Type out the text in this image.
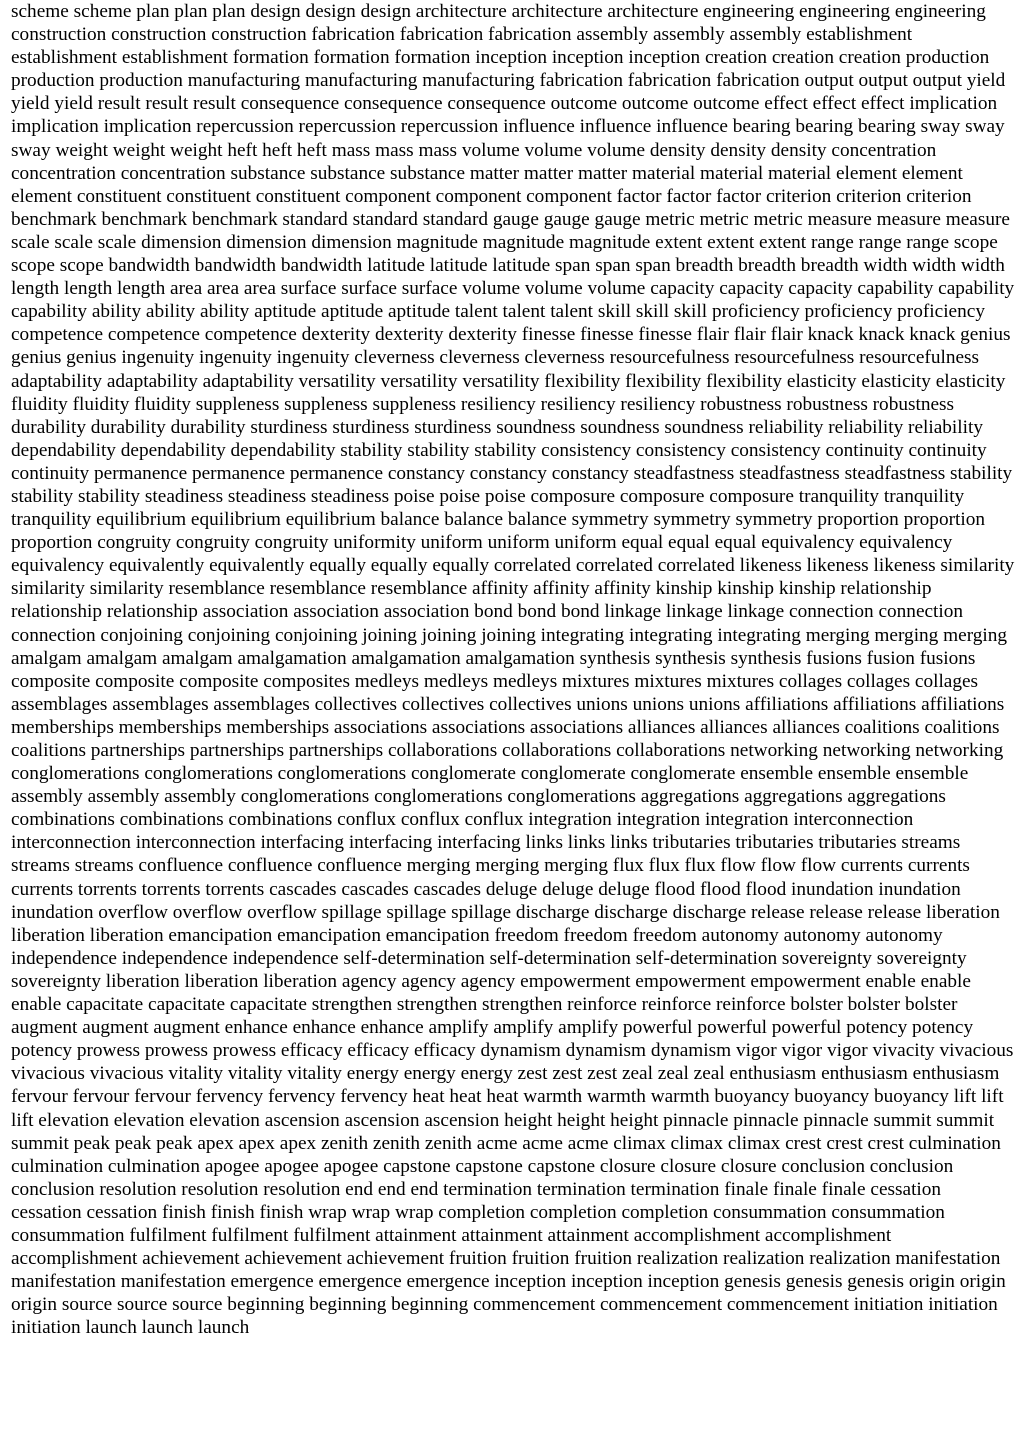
scheme scheme plan plan plan design design design architecture architecture architecture engineering engineering engineering construction construction construction fabrication fabrication fabrication assembly assembly assembly establishment establishment establishment formation formation formation inception inception inception creation creation creation production production production manufacturing manufacturing manufacturing fabrication fabrication fabrication output output output yield yield yield result result result consequence consequence consequence outcome outcome outcome effect effect effect implication implication implication repercussion repercussion repercussion influence influence influence bearing bearing bearing sway sway sway weight weight weight heft heft heft mass mass mass volume volume volume density density density concentration concentration concentration substance substance substance matter matter matter material material material element element element constituent constituent constituent component component component factor factor factor criterion criterion criterion benchmark benchmark benchmark standard standard standard gauge gauge gauge metric metric metric measure measure measure scale scale scale dimension dimension dimension magnitude magnitude magnitude extent extent extent range range range scope scope scope bandwidth bandwidth bandwidth latitude latitude latitude span span span breadth breadth breadth width width width length length length area area area surface surface surface volume volume volume capacity capacity capacity capability capability capability ability ability ability aptitude aptitude aptitude talent talent talent skill skill skill proficiency proficiency proficiency competence competence competence dexterity dexterity dexterity finesse finesse finesse flair flair flair knack knack knack genius genius genius ingenuity ingenuity ingenuity cleverness cleverness cleverness resourcefulness resourcefulness resourcefulness adaptability adaptability adaptability versatility versatility versatility flexibility flexibility flexibility elasticity elasticity elasticity fluidity fluidity fluidity suppleness suppleness suppleness resiliency resiliency resiliency robustness robustness robustness durability durability durability sturdiness sturdiness sturdiness soundness soundness soundness reliability reliability reliability dependability dependability dependability stability stability stability consistency consistency consistency continuity continuity continuity permanence permanence permanence constancy constancy constancy steadfastness steadfastness steadfastness stability stability stability steadiness steadiness steadiness poise poise poise composure composure composure tranquility tranquility tranquility equilibrium equilibrium equilibrium balance balance balance symmetry symmetry symmetry proportion proportion proportion congruity congruity congruity uniformity uniform uniform uniform equal equal equal equivalency equivalency equivalency equivalently equivalently equally equally equally correlated correlated correlated likeness likeness likeness similarity similarity similarity resemblance resemblance resemblance affinity affinity affinity kinship kinship kinship relationship relationship relationship association association association bond bond bond linkage linkage linkage connection connection connection conjoining conjoining conjoining joining joining joining integrating integrating integrating merging merging merging amalgam amalgam amalgam amalgamation amalgamation amalgamation synthesis synthesis synthesis fusions fusion fusions composite composite composite composites medleys medleys medleys mixtures mixtures mixtures collages collages collages assemblages assemblages assemblages collectives collectives collectives unions unions unions affiliations affiliations affiliations memberships memberships memberships associations associations associations alliances alliances alliances coalitions coalitions coalitions partnerships partnerships partnerships collaborations collaborations collaborations networking networking networking conglomerations conglomerations conglomerations conglomerate conglomerate conglomerate ensemble ensemble ensemble assembly assembly assembly conglomerations conglomerations conglomerations aggregations aggregations aggregations combinations combinations combinations conflux conflux conflux integration integration integration interconnection interconnection interconnection interfacing interfacing interfacing links links links tributaries tributaries tributaries streams streams streams confluence confluence confluence merging merging merging flux flux flux flow flow flow currents currents currents torrents torrents torrents cascades cascades cascades deluge deluge deluge flood flood flood inundation inundation inundation overflow overflow overflow spillage spillage spillage discharge discharge discharge release release release liberation liberation liberation emancipation emancipation emancipation freedom freedom freedom autonomy autonomy autonomy independence independence independence self-determination self-determination self-determination sovereignty sovereignty sovereignty liberation liberation liberation agency agency agency empowerment empowerment empowerment enable enable enable capacitate capacitate capacitate strengthen strengthen strengthen reinforce reinforce reinforce bolster bolster bolster augment augment augment enhance enhance enhance amplify amplify amplify powerful powerful powerful potency potency potency prowess prowess prowess efficacy efficacy efficacy dynamism dynamism dynamism vigor vigor vigor vivacity vivacious vivacious vivacious vitality vitality vitality energy energy energy zest zest zest zeal zeal zeal enthusiasm enthusiasm enthusiasm fervour fervour fervour fervency fervency fervency heat heat heat warmth warmth warmth buoyancy buoyancy buoyancy lift lift lift elevation elevation elevation ascension ascension ascension height height height pinnacle pinnacle pinnacle summit summit summit peak peak peak apex apex apex zenith zenith zenith acme acme acme climax climax climax crest crest crest culmination culmination culmination apogee apogee apogee capstone capstone capstone closure closure closure conclusion conclusion conclusion resolution resolution resolution end end end termination termination termination finale finale finale cessation cessation cessation finish finish finish wrap wrap wrap completion completion completion consummation consummation consummation fulfilment fulfilment fulfilment attainment attainment attainment accomplishment accomplishment accomplishment achievement achievement achievement fruition fruition fruition realization realization realization manifestation manifestation manifestation emergence emergence emergence inception inception inception genesis genesis genesis origin origin origin source source source beginning beginning beginning commencement commencement commencement initiation initiation initiation launch launch launch
